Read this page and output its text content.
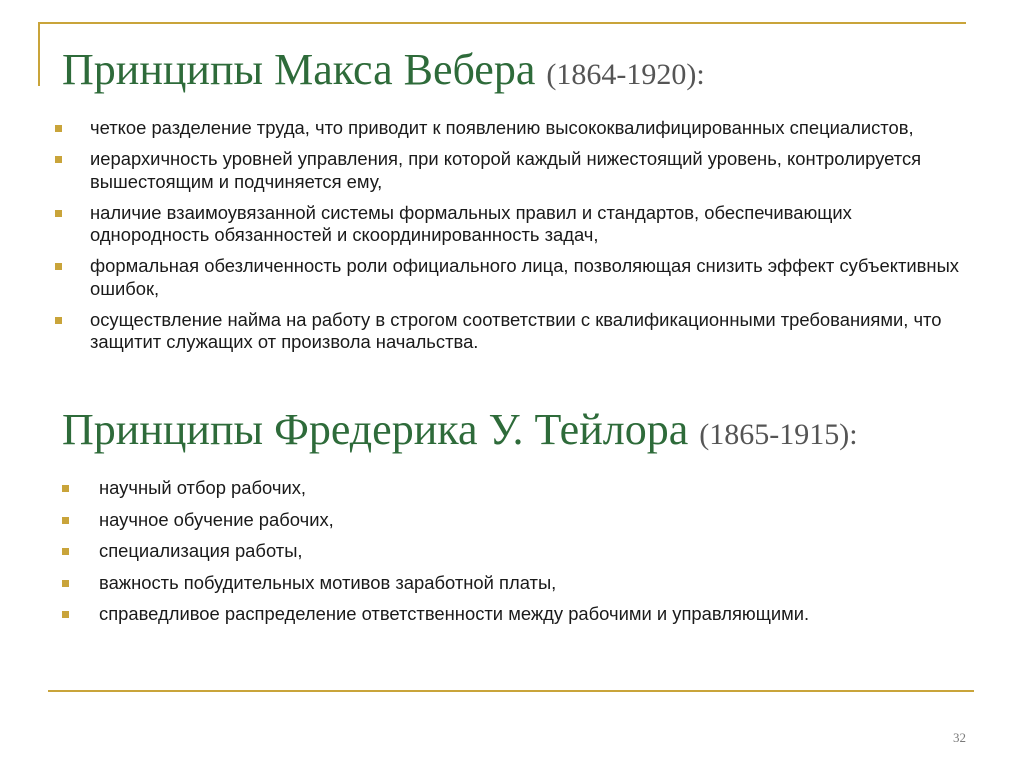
Принципы Макса Вебера (1864-1920):
четкое разделение труда, что приводит к появлению высококвалифицированных специалистов,
иерархичность уровней управления, при которой каждый нижестоящий уровень, контролируется вышестоящим и подчиняется ему,
наличие взаимоувязанной системы формальных правил и стандартов, обеспечивающих однородность обязанностей и скоординированность задач,
формальная обезличенность роли официального лица, позволяющая снизить эффект субъективных ошибок,
осуществление найма на работу в строгом соответствии с квалификационными требованиями, что защитит служащих от произвола начальства.
Принципы Фредерика У. Тейлора (1865-1915):
научный отбор рабочих,
научное обучение рабочих,
специализация работы,
важность побудительных мотивов заработной платы,
справедливое распределение ответственности между рабочими и управляющими.
32
